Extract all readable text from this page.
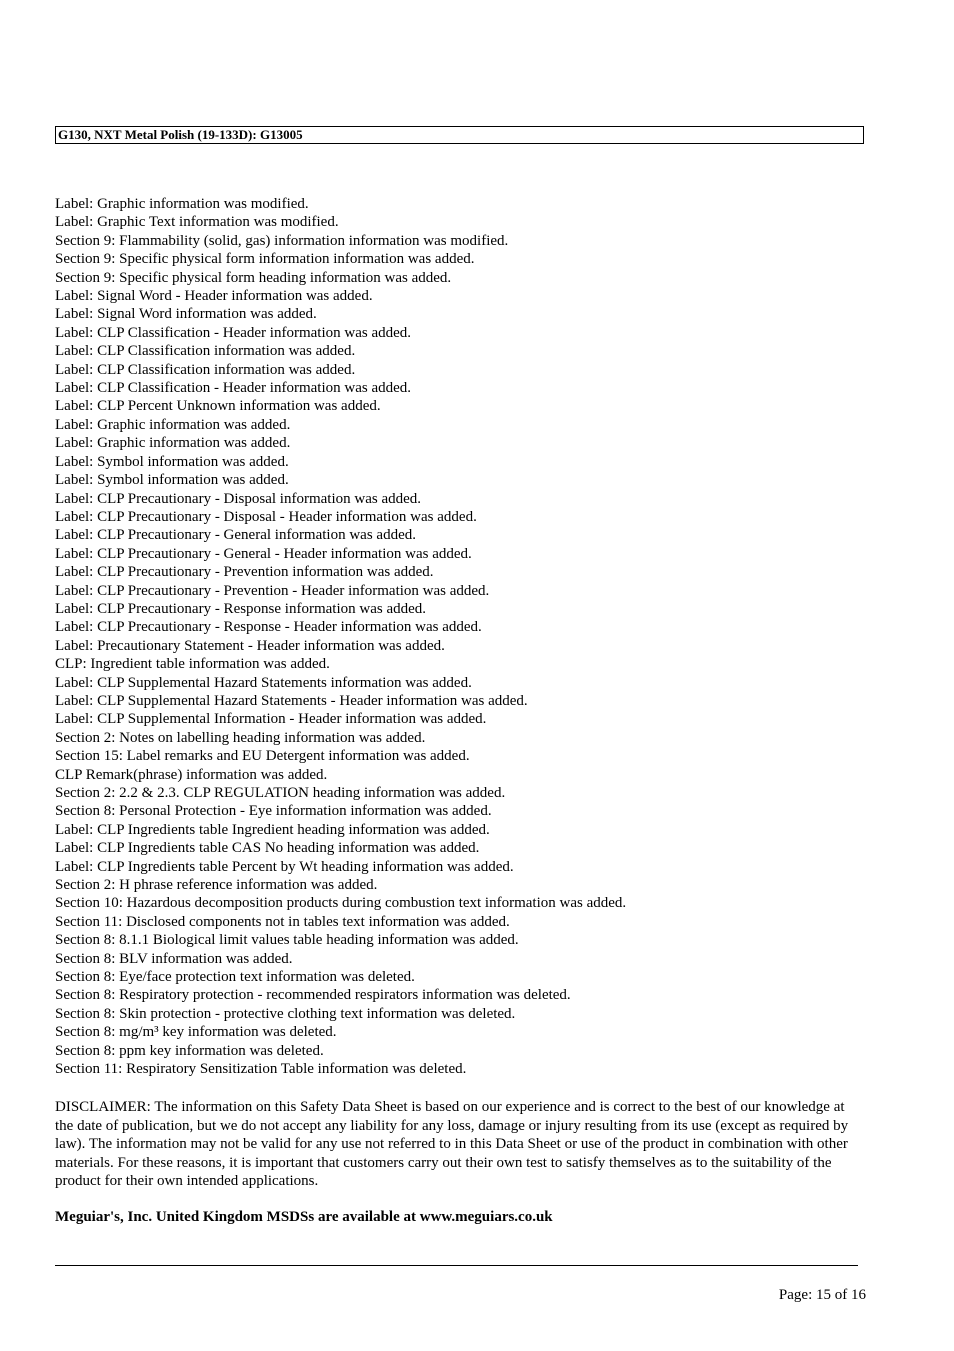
G130, NXT Metal Polish (19-133D): G13005
Label: Graphic information was modified.
Label: Graphic Text information was modified.
Section 9: Flammability (solid, gas) information information was modified.
Section 9: Specific physical form information information was added.
Section 9: Specific physical form heading information was added.
Label: Signal Word - Header information was added.
Label: Signal Word information was added.
Label: CLP Classification - Header information was added.
Label: CLP Classification information was added.
Label: CLP Classification information was added.
Label: CLP Classification - Header information was added.
Label: CLP Percent Unknown information was added.
Label: Graphic information was added.
Label: Graphic information was added.
Label: Symbol information was added.
Label: Symbol information was added.
Label: CLP Precautionary - Disposal information was added.
Label: CLP Precautionary - Disposal - Header information was added.
Label: CLP Precautionary - General information was added.
Label: CLP Precautionary - General - Header information was added.
Label: CLP Precautionary - Prevention information was added.
Label: CLP Precautionary - Prevention - Header information was added.
Label: CLP Precautionary - Response information was added.
Label: CLP Precautionary - Response - Header information was added.
Label: Precautionary Statement - Header information was added.
CLP: Ingredient table information was added.
Label: CLP Supplemental Hazard Statements information was added.
Label: CLP Supplemental Hazard Statements - Header information was added.
Label: CLP Supplemental Information - Header information was added.
Section 2: Notes on labelling heading information was added.
Section 15: Label remarks and EU Detergent information was added.
CLP Remark(phrase) information was added.
Section 2: 2.2 & 2.3. CLP REGULATION heading information was added.
Section 8: Personal Protection - Eye information information was added.
Label: CLP Ingredients table Ingredient heading information was added.
Label: CLP Ingredients table CAS No heading information was added.
Label: CLP Ingredients table Percent by Wt heading information was added.
Section 2: H phrase reference information was added.
Section 10: Hazardous decomposition products during combustion text information was added.
Section 11: Disclosed components not in tables text information was added.
Section 8: 8.1.1 Biological limit values table heading information was added.
Section 8: BLV information was added.
Section 8: Eye/face protection text information was deleted.
Section 8: Respiratory protection - recommended respirators information was deleted.
Section 8: Skin protection - protective clothing text information was deleted.
Section 8: mg/m³ key information was deleted.
Section 8: ppm key information was deleted.
Section 11: Respiratory Sensitization Table information was deleted.

DISCLAIMER: The information on this Safety Data Sheet is based on our experience and is correct to the best of our knowledge at the date of publication, but we do not accept any liability for any loss, damage or injury resulting from its use (except as required by law). The information may not be valid for any use not referred to in this Data Sheet or use of the product in combination with other materials. For these reasons, it is important that customers carry out their own test to satisfy themselves as to the suitability of the product for their own intended applications.

Meguiar's, Inc. United Kingdom MSDSs are available at www.meguiars.co.uk
Page: 15 of 16
